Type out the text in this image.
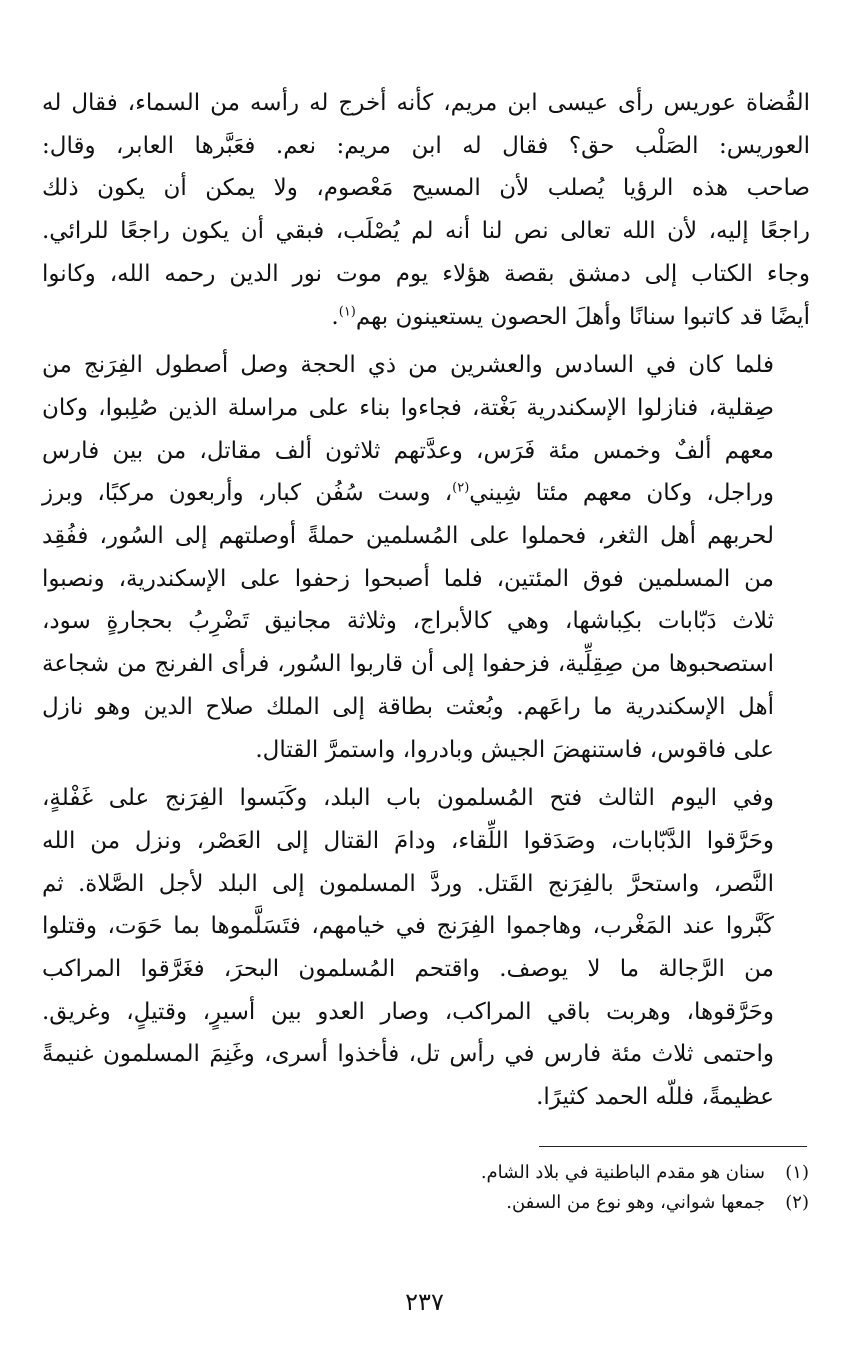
القُضاة عوريس رأى عيسى ابن مريم، كأنه أخرج له رأسه من السماء، فقال له
العوريس: الصَلْب حق؟ فقال له ابن مريم: نعم. فعَبَّرها العابر، وقال:
صاحب هذه الرؤيا يُصلب لأن المسيح مَعْصوم، ولا يمكن أن يكون ذلك
راجعًا إليه، لأن الله تعالى نص لنا أنه لم يُصْلَب، فبقي أن يكون راجعًا للرائي.
وجاء الكتاب إلى دمشق بقصة هؤلاء يوم موت نور الدين رحمه الله، وكانوا
أيضًا قد كاتبوا سنانًا وأهلَ الحصون يستعينون بهم$^{(١)}$.

فلما كان في السادس والعشرين من ذي الحجة وصل أصطول الفِرَنج من
صِقلية، فنازلوا الإسكندرية بَغْتة، فجاءوا بناء على مراسلة الذين صُلِبوا، وكان
معهم ألفٌ وخمس مئة فَرَس، وعدَّتهم ثلاثون ألف مقاتل، من بين فارس
وراجل، وكان معهم مئتا شِيني$^{(٢)}$، وست سُفُن كبار، وأربعون مركبًا، وبرز
لحربهم أهل الثغر، فحملوا على المُسلمين حملةً أوصلتهم إلى السُور، ففُقِد
من المسلمين فوق المئتين، فلما أصبحوا زحفوا على الإسكندرية، ونصبوا
ثلاث دَبّابات بكِباشها، وهي كالأبراج، وثلاثة مجانيق تَضْرِبُ بحجارةٍ سود،
استصحبوها من صِقِلِّية، فزحفوا إلى أن قاربوا السُور، فرأى الفرنج من شجاعة
أهل الإسكندرية ما راعَهم. وبُعثت بطاقة إلى الملك صلاح الدين وهو نازل
على فاقوس، فاستنهضَ الجيش وبادروا، واستمرَّ القتال.

وفي اليوم الثالث فتح المُسلمون باب البلد، وكَبَسوا الفِرَنج على غَفْلةٍ،
وحَرَّقوا الدَّبّابات، وصَدَقوا اللِّقاء، ودامَ القتال إلى العَصْر، ونزل من الله
النَّصر، واستحرَّ بالفِرَنج القَتل. وردَّ المسلمون إلى البلد لأجل الصَّلاة. ثم
كَبَّروا عند المَغْرب، وهاجموا الفِرَنج في خيامهم، فتَسَلَّموها بما حَوَت، وقتلوا
من الرَّجالة ما لا يوصف. واقتحم المُسلمون البحرَ، فغَرَّقوا المراكب
وحَرَّقوها، وهربت باقي المراكب، وصار العدو بين أسيرٍ، وقتيلٍ، وغريق.
واحتمى ثلاث مئة فارس في رأس تل، فأخذوا أسرى، وغَنِمَ المسلمون غنيمةً
عظيمةً، فللّه الحمد كثيرًا.

(١)سنان هو مقدم الباطنية في بلاد الشام.
(٢)جمعها شواني، وهو نوع من السفن.
٢٣٧
